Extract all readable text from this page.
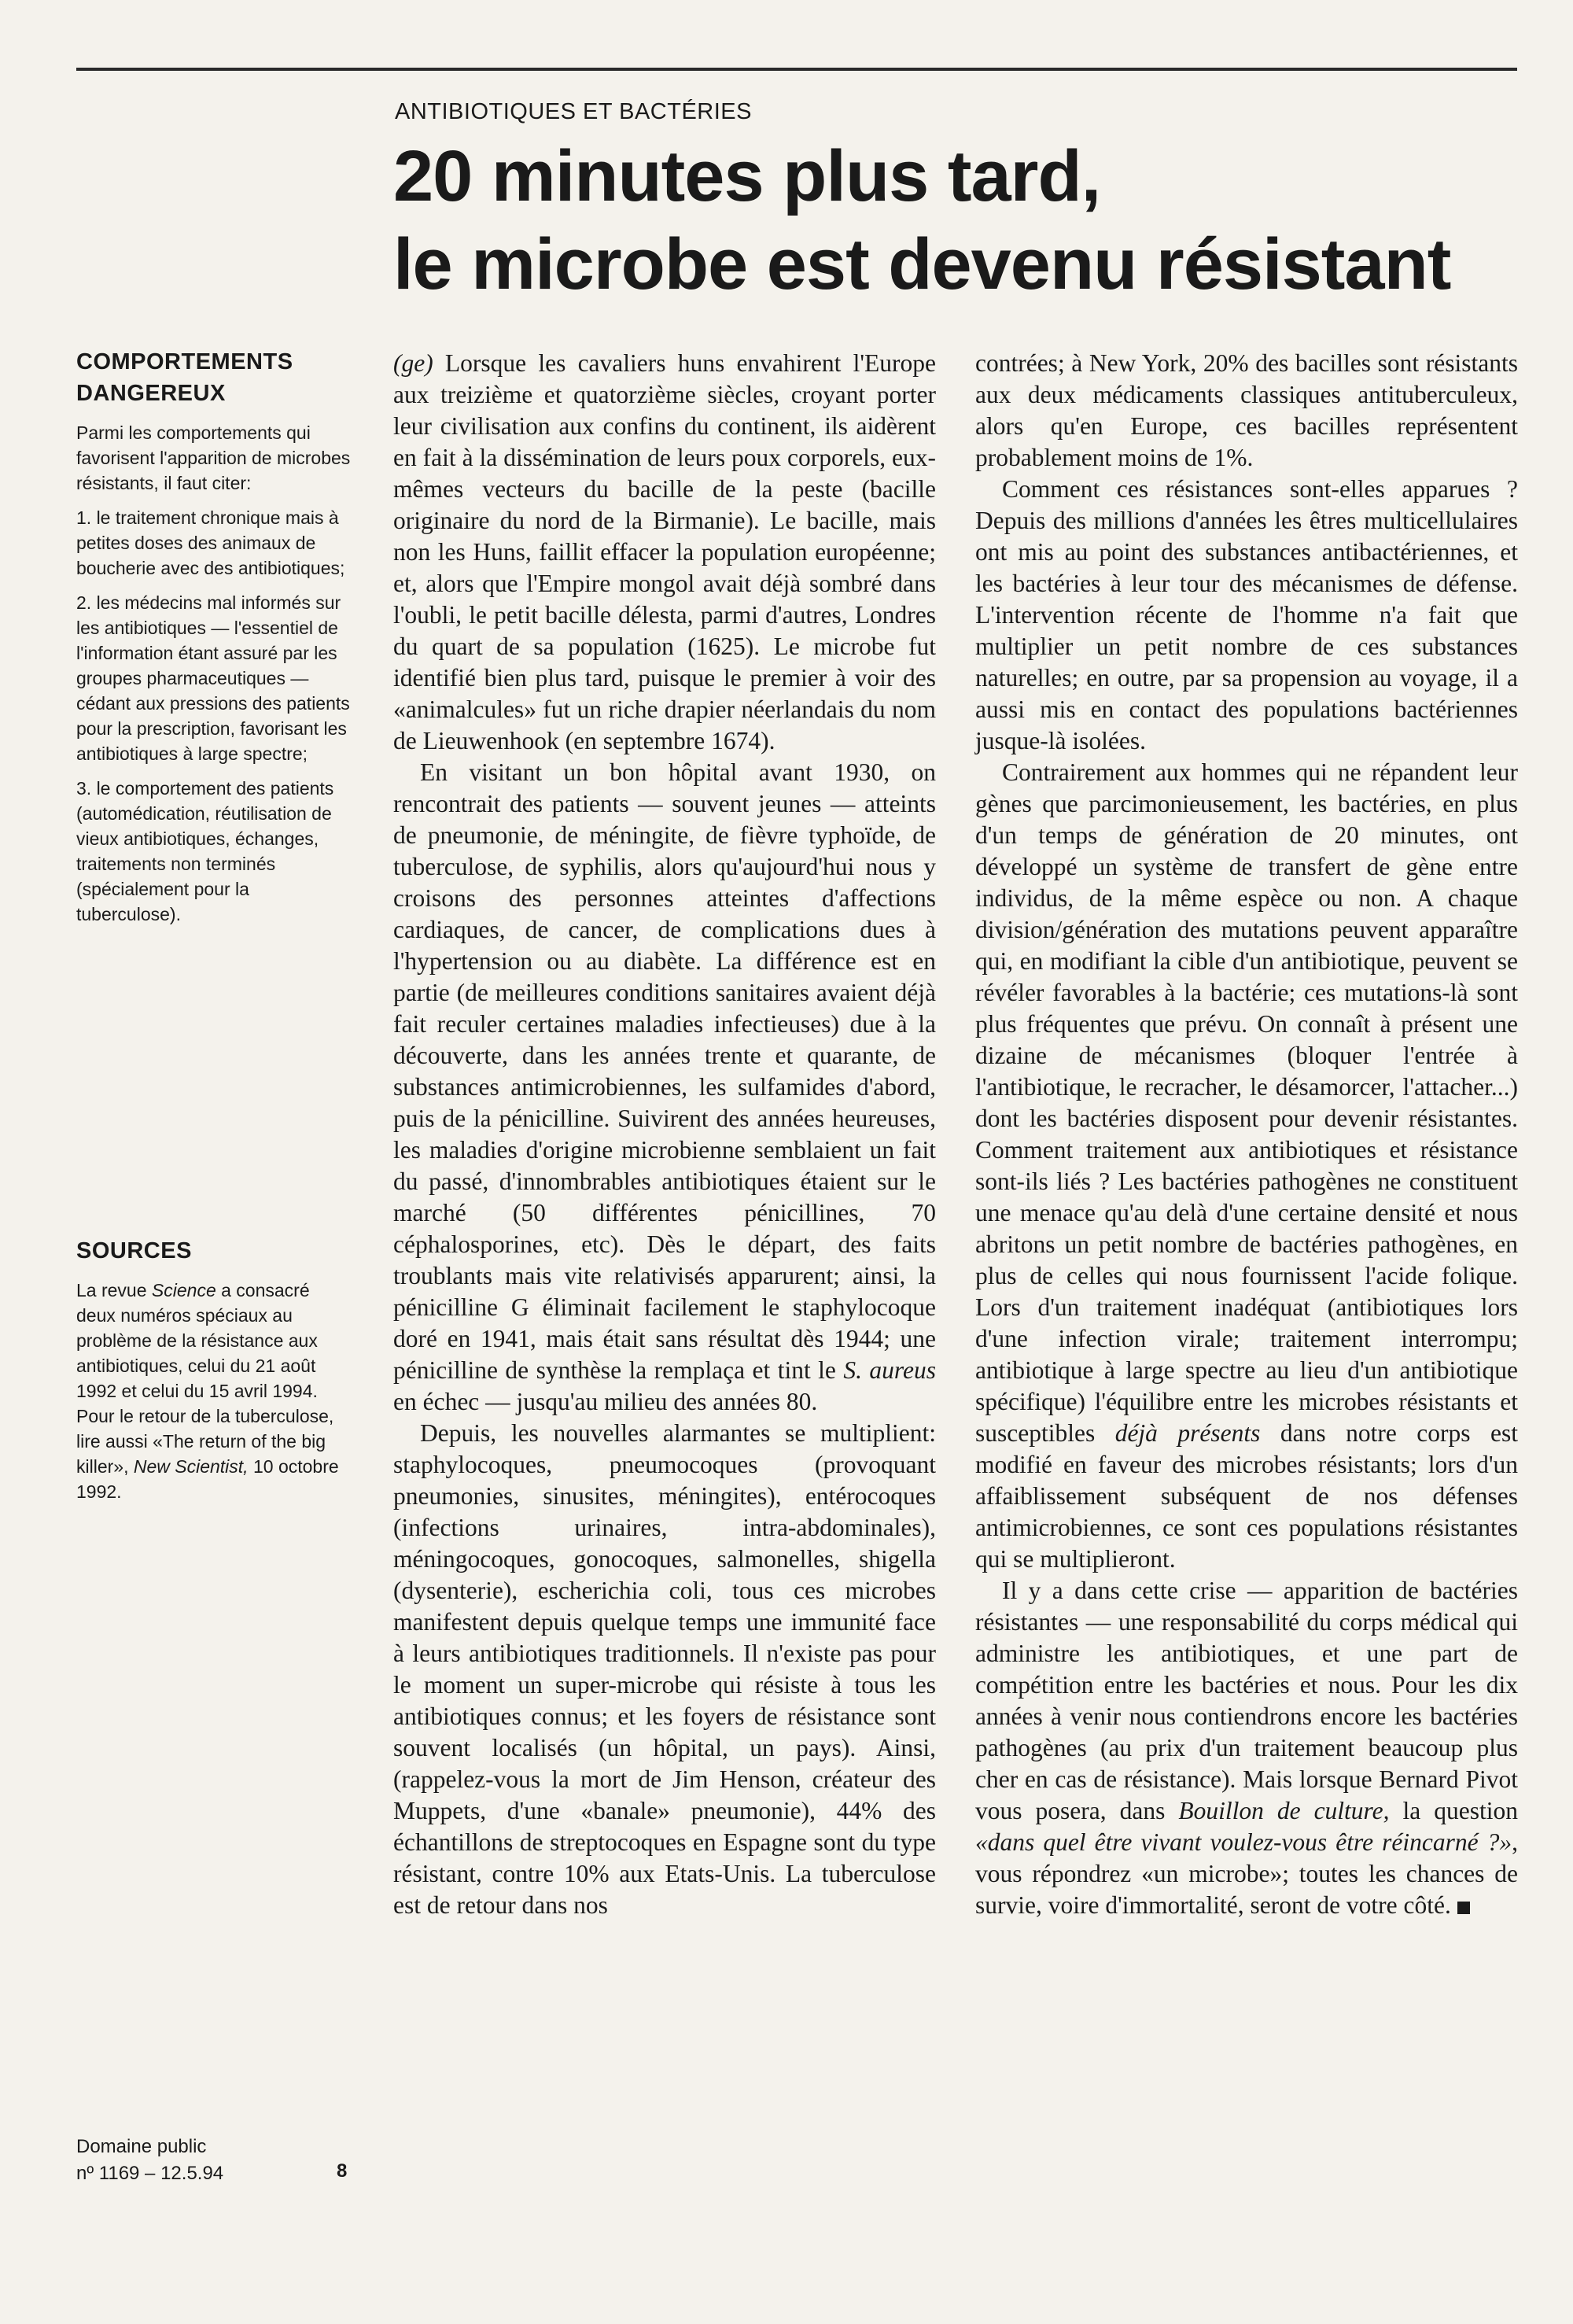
ANTIBIOTIQUES ET BACTÉRIES
20 minutes plus tard,
le microbe est devenu résistant
COMPORTEMENTS
DANGEREUX

Parmi les comportements qui favorisent l'apparition de microbes résistants, il faut citer:

1. le traitement chronique mais à petites doses des animaux de boucherie avec des antibiotiques;

2. les médecins mal informés sur les antibiotiques — l'essentiel de l'information étant assuré par les groupes pharmaceutiques — cédant aux pressions des patients pour la prescription, favorisant les antibiotiques à large spectre;

3. le comportement des patients (automédication, réutilisation de vieux antibiotiques, échanges, traitements non terminés (spécialement pour la tuberculose).

SOURCES

La revue Science a consacré deux numéros spéciaux au problème de la résistance aux antibiotiques, celui du 21 août 1992 et celui du 15 avril 1994. Pour le retour de la tuberculose, lire aussi «The return of the big killer», New Scientist, 10 octobre 1992.

Domaine public
nº 1169 – 12.5.94	8

(ge) Lorsque les cavaliers huns envahirent l'Europe aux treizième et quatorzième siècles, croyant porter leur civilisation aux confins du continent, ils aidèrent en fait à la dissémination de leurs poux corporels, eux-mêmes vecteurs du bacille de la peste (bacille originaire du nord de la Birmanie). Le bacille, mais non les Huns, faillit effacer la population européenne; et, alors que l'Empire mongol avait déjà sombré dans l'oubli, le petit bacille délesta, parmi d'autres, Londres du quart de sa population (1625). Le microbe fut identifié bien plus tard, puisque le premier à voir des «animalcules» fut un riche drapier néerlandais du nom de Lieuwenhook (en septembre 1674).

En visitant un bon hôpital avant 1930, on rencontrait des patients — souvent jeunes — atteints de pneumonie, de méningite, de fièvre typhoïde, de tuberculose, de syphilis, alors qu'aujourd'hui nous y croisons des personnes atteintes d'affections cardiaques, de cancer, de complications dues à l'hypertension ou au diabète. La différence est en partie (de meilleures conditions sanitaires avaient déjà fait reculer certaines maladies infectieuses) due à la découverte, dans les années trente et quarante, de substances antimicrobiennes, les sulfamides d'abord, puis de la pénicilline. Suivirent des années heureuses, les maladies d'origine microbienne semblaient un fait du passé, d'innombrables antibiotiques étaient sur le marché (50 différentes pénicillines, 70 céphalosporines, etc). Dès le départ, des faits troublants mais vite relativisés apparurent; ainsi, la pénicilline G éliminait facilement le staphylocoque doré en 1941, mais était sans résultat dès 1944; une pénicilline de synthèse la remplaça et tint le S. aureus en échec — jusqu'au milieu des années 80.

Depuis, les nouvelles alarmantes se multiplient: staphylocoques, pneumocoques (provoquant pneumonies, sinusites, méningites), entérocoques (infections urinaires, intra-abdominales), méningocoques, gonocoques, salmonelles, shigella (dysenterie), escherichia coli, tous ces microbes manifestent depuis quelque temps une immunité face à leurs antibiotiques traditionnels. Il n'existe pas pour le moment un super-microbe qui résiste à tous les antibiotiques connus; et les foyers de résistance sont souvent localisés (un hôpital, un pays). Ainsi, (rappelez-vous la mort de Jim Henson, créateur des Muppets, d'une «banale» pneumonie), 44% des échantillons de streptocoques en Espagne sont du type résistant, contre 10% aux Etats-Unis. La tuberculose est de retour dans nos

contrées; à New York, 20% des bacilles sont résistants aux deux médicaments classiques antituberculeux, alors qu'en Europe, ces bacilles représentent probablement moins de 1%.

Comment ces résistances sont-elles apparues ? Depuis des millions d'années les êtres multicellulaires ont mis au point des substances antibactériennes, et les bactéries à leur tour des mécanismes de défense. L'intervention récente de l'homme n'a fait que multiplier un petit nombre de ces substances naturelles; en outre, par sa propension au voyage, il a aussi mis en contact des populations bactériennes jusque-là isolées.

Contrairement aux hommes qui ne répandent leur gènes que parcimonieusement, les bactéries, en plus d'un temps de génération de 20 minutes, ont développé un système de transfert de gène entre individus, de la même espèce ou non. A chaque division/génération des mutations peuvent apparaître qui, en modifiant la cible d'un antibiotique, peuvent se révéler favorables à la bactérie; ces mutations-là sont plus fréquentes que prévu. On connaît à présent une dizaine de mécanismes (bloquer l'entrée à l'antibiotique, le recracher, le désamorcer, l'attacher...) dont les bactéries disposent pour devenir résistantes. Comment traitement aux antibiotiques et résistance sont-ils liés ? Les bactéries pathogènes ne constituent une menace qu'au delà d'une certaine densité et nous abritons un petit nombre de bactéries pathogènes, en plus de celles qui nous fournissent l'acide folique. Lors d'un traitement inadéquat (antibiotiques lors d'une infection virale; traitement interrompu; antibiotique à large spectre au lieu d'un antibiotique spécifique) l'équilibre entre les microbes résistants et susceptibles déjà présents dans notre corps est modifié en faveur des microbes résistants; lors d'un affaiblissement subséquent de nos défenses antimicrobiennes, ce sont ces populations résistantes qui se multiplieront.

Il y a dans cette crise — apparition de bactéries résistantes — une responsabilité du corps médical qui administre les antibiotiques, et une part de compétition entre les bactéries et nous. Pour les dix années à venir nous contiendrons encore les bactéries pathogènes (au prix d'un traitement beaucoup plus cher en cas de résistance). Mais lorsque Bernard Pivot vous posera, dans Bouillon de culture, la question «dans quel être vivant voulez-vous être réincarné ?», vous répondrez «un microbe»; toutes les chances de survie, voire d'immortalité, seront de votre côté.
